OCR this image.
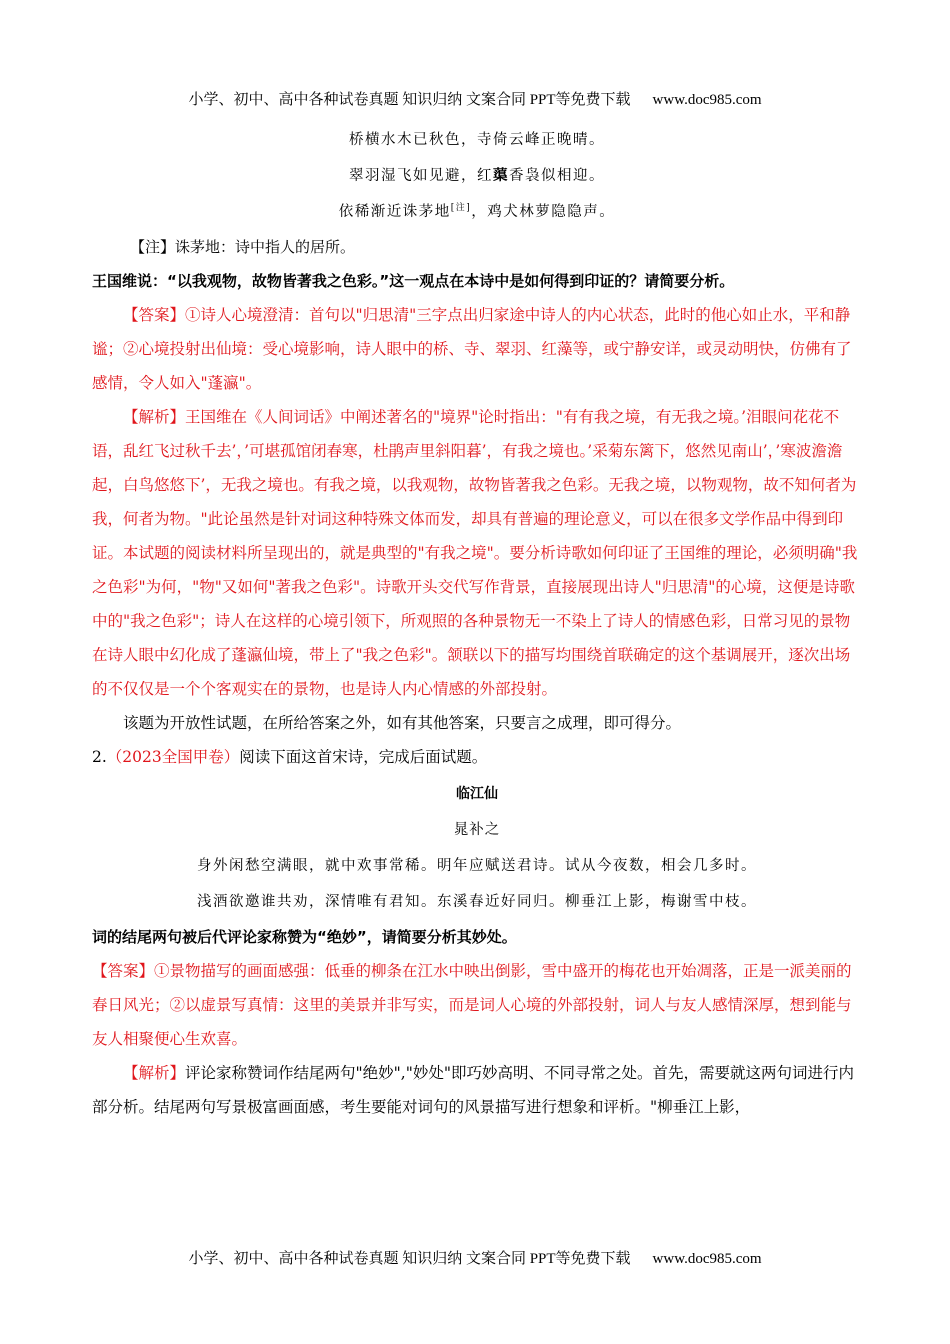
小学、初中、高中各种试卷真题 知识归纳 文案合同 PPT等免费下载 www.doc985.com
桥横水木已秋色，寺倚云峰正晚晴。
翠羽湿飞如见避，红蕖香袅似相迎。
依稀渐近诛茅地[注]，鸡犬林萝隐隐声。
【注】诛茅地：诗中指人的居所。
王国维说：“以我观物，故物皆著我之色彩。”这一观点在本诗中是如何得到印证的？请简要分析。

【答案】①诗人心境澄清：首句以"归思清"三字点出归家途中诗人的内心状态，此时的他心如止水，平和静谧；②心境投射出仙境：受心境影响，诗人眼中的桥、寺、翠羽、红藻等，或宁静安详，或灵动明快，仿佛有了感情，令人如入"蓬瀛"。

【解析】王国维在《人间词话》中阐述著名的"境界"论时指出："有有我之境，有无我之境。’泪眼问花花不语，乱红飞过秋千去’，’可堪孤馆闭春寒，杜鹃声里斜阳暮’，有我之境也。’采菊东篱下，悠然见南山’，’寒波澹澹起，白鸟悠悠下’，无我之境也。有我之境，以我观物，故物皆著我之色彩。无我之境，以物观物，故不知何者为我，何者为物。"此论虽然是针对词这种特殊文体而发，却具有普遍的理论意义，可以在很多文学作品中得到印证。本试题的阅读材料所呈现出的，就是典型的"有我之境"。要分析诗歌如何印证了王国维的理论，必须明确"我之色彩"为何，"物"又如何"著我之色彩"。诗歌开头交代写作背景，直接展现出诗人"归思清"的心境，这便是诗歌中的"我之色彩"；诗人在这样的心境引领下，所观照的各种景物无一不染上了诗人的情感色彩，日常习见的景物在诗人眼中幻化成了蓬瀛仙境，带上了"我之色彩"。颔联以下的描写均围绕首联确定的这个基调展开，逐次出场的不仅仅是一个个客观实在的景物，也是诗人内心情感的外部投射。

该题为开放性试题，在所给答案之外，如有其他答案，只要言之成理，即可得分。

2.（2023全国甲卷）阅读下面这首宋诗，完成后面试题。
临江仙
晁补之
身外闲愁空满眼，就中欢事常稀。明年应赋送君诗。试从今夜数，相会几多时。
浅酒欲邀谁共劝，深情唯有君知。东溪春近好同归。柳垂江上影，梅谢雪中枝。
词的结尾两句被后代评论家称赞为“绝妙”，请简要分析其妙处。

【答案】①景物描写的画面感强：低垂的柳条在江水中映出倒影，雪中盛开的梅花也开始凋落，正是一派美丽的春日风光；②以虚景写真情：这里的美景并非写实，而是词人心境的外部投射，词人与友人感情深厚，想到能与友人相聚便心生欢喜。

【解析】评论家称赞词作结尾两句"绝妙","妙处"即巧妙高明、不同寻常之处。首先，需要就这两句词进行内部分析。结尾两句写景极富画面感，考生要能对词句的风景描写进行想象和评析。"柳垂江上影，

小学、初中、高中各种试卷真题 知识归纳 文案合同 PPT等免费下载 www.doc985.com
